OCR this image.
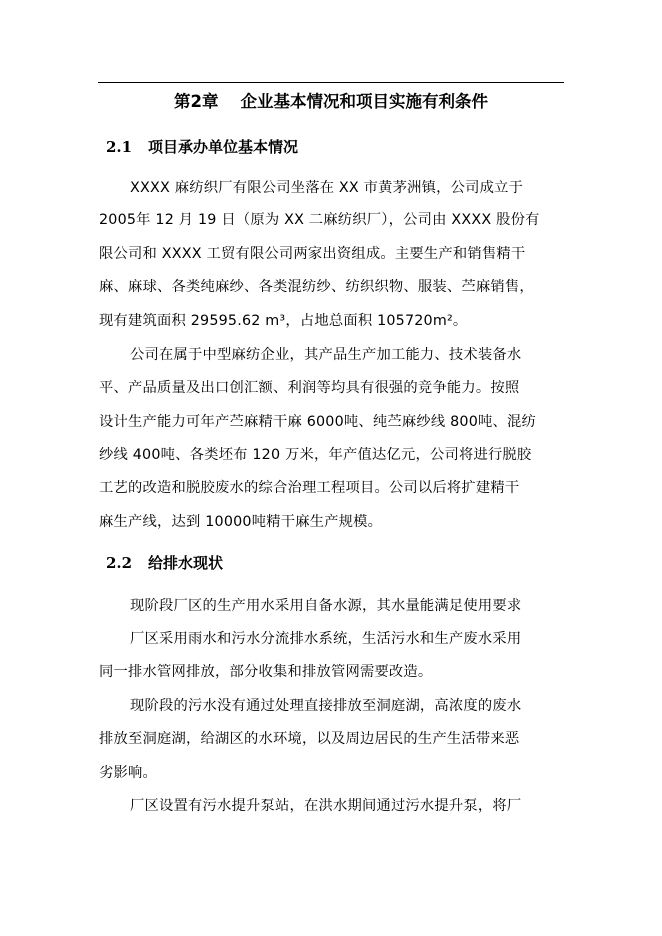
第2章 企业基本情况和项目实施有利条件
2.1 项目承办单位基本情况
XXXX 麻纺织厂有限公司坐落在 XX 市黄茅洲镇，公司成立于
2005年 12 月 19 日（原为 XX 二麻纺织厂），公司由 XXXX 股份有
限公司和 XXXX 工贸有限公司两家出资组成。主要生产和销售精干
麻、麻球、各类纯麻纱、各类混纺纱、纺织织物、服装、苎麻销售，
现有建筑面积 29595.62 m³，占地总面积 105720m²。
公司在属于中型麻纺企业，其产品生产加工能力、技术装备水
平、产品质量及出口创汇额、利润等均具有很强的竞争能力。按照
设计生产能力可年产苎麻精干麻 6000吨、纯苎麻纱线 800吨、混纺
纱线 400吨、各类坯布 120 万米，年产值达亿元，公司将进行脱胶
工艺的改造和脱胶废水的综合治理工程项目。公司以后将扩建精干
麻生产线，达到 10000吨精干麻生产规模。
2.2 给排水现状
现阶段厂区的生产用水采用自备水源，其水量能满足使用要求
厂区采用雨水和污水分流排水系统，生活污水和生产废水采用
同一排水管网排放，部分收集和排放管网需要改造。
现阶段的污水没有通过处理直接排放至洞庭湖，高浓度的废水
排放至洞庭湖，给湖区的水环境，以及周边居民的生产生活带来恶
劣影响。
厂区设置有污水提升泵站，在洪水期间通过污水提升泵，将厂
